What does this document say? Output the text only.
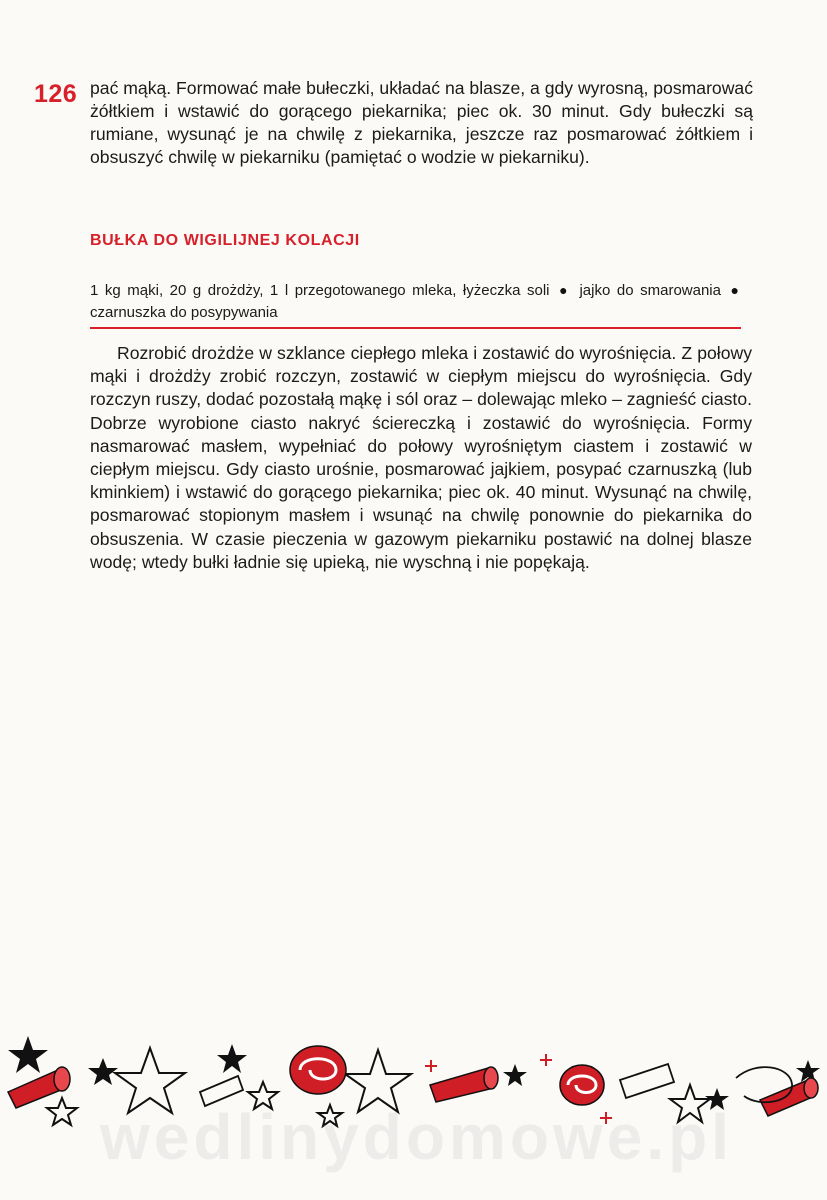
126 pać mąką. Formować małe bułeczki, układać na blasze, a gdy wyrosną, posmarować żółtkiem i wstawić do gorącego piekarnika; piec ok. 30 minut. Gdy bułeczki są rumiane, wysunąć je na chwilę z piekarnika, jeszcze raz posmarować żółtkiem i obsuszyć chwilę w piekarniku (pamiętać o wodzie w piekarniku).
BUŁKA DO WIGILIJNEJ KOLACJI
1 kg mąki, 20 g drożdży, 1 l przegotowanego mleka, łyżeczka soli ● jajko do smarowania ● czarnuszka do posypywania
Rozrobić drożdże w szklance ciepłego mleka i zostawić do wyrośnięcia. Z połowy mąki i drożdży zrobić rozczyn, zostawić w ciepłym miejscu do wyrośnięcia. Gdy rozczyn ruszy, dodać pozostałą mąkę i sól oraz – dolewając mleko – zagnieść ciasto. Dobrze wyrobione ciasto nakryć ściereczką i zostawić do wyrośnięcia. Formy nasmarować masłem, wypełniać do połowy wyrośniętym ciastem i zostawić w ciepłym miejscu. Gdy ciasto urośnie, posmarować jajkiem, posypać czarnuszką (lub kminkiem) i wstawić do gorącego piekarnika; piec ok. 40 minut. Wysunąć na chwilę, posmarować stopionym masłem i wsunąć na chwilę ponownie do piekarnika do obsuszenia. W czasie pieczenia w gazowym piekarniku postawić na dolnej blasze wodę; wtedy bułki ładnie się upieką, nie wyschną i nie popękają.
wedlinydomowe.pl
